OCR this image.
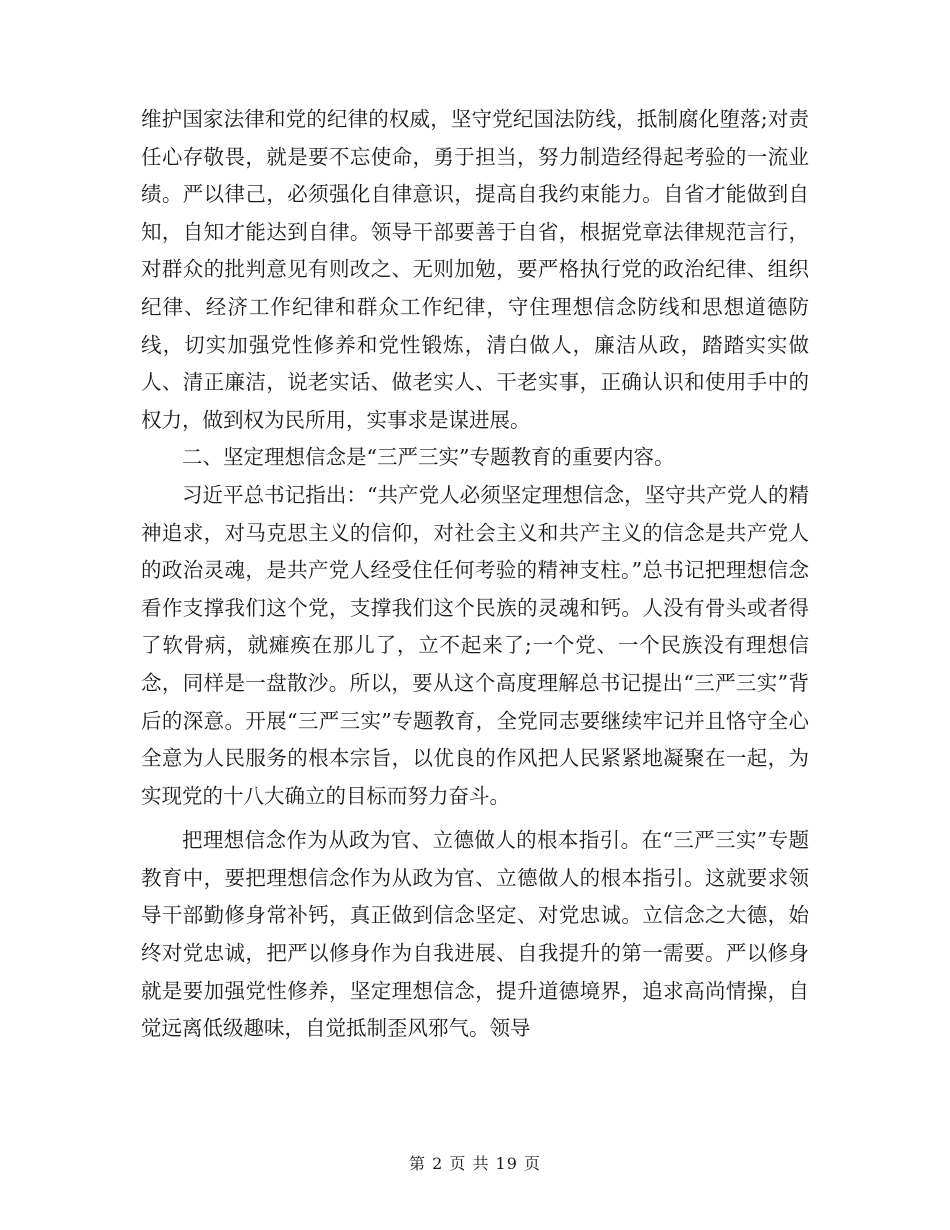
维护国家法律和党的纪律的权威，坚守党纪国法防线，抵制腐化堕落;对责任心存敬畏，就是要不忘使命，勇于担当，努力制造经得起考验的一流业绩。严以律己，必须强化自律意识，提高自我约束能力。自省才能做到自知，自知才能达到自律。领导干部要善于自省，根据党章法律规范言行，对群众的批判意见有则改之、无则加勉，要严格执行党的政治纪律、组织纪律、经济工作纪律和群众工作纪律，守住理想信念防线和思想道德防线，切实加强党性修养和党性锻炼，清白做人，廉洁从政，踏踏实实做人、清正廉洁，说老实话、做老实人、干老实事，正确认识和使用手中的权力，做到权为民所用，实事求是谋进展。

二、坚定理想信念是“三严三实”专题教育的重要内容。

习近平总书记指出：“共产党人必须坚定理想信念，坚守共产党人的精神追求，对马克思主义的信仰，对社会主义和共产主义的信念是共产党人的政治灵魂，是共产党人经受住任何考验的精神支柱。”总书记把理想信念看作支撑我们这个党，支撑我们这个民族的灵魂和钙。人没有骨头或者得了软骨病，就瘫痪在那儿了，立不起来了;一个党、一个民族没有理想信念，同样是一盘散沙。所以，要从这个高度理解总书记提出“三严三实”背后的深意。开展“三严三实”专题教育，全党同志要继续牢记并且恪守全心全意为人民服务的根本宗旨，以优良的作风把人民紧紧地凝聚在一起，为实现党的十八大确立的目标而努力奋斗。

把理想信念作为从政为官、立德做人的根本指引。在“三严三实”专题教育中，要把理想信念作为从政为官、立德做人的根本指引。这就要求领导干部勤修身常补钙，真正做到信念坚定、对党忠诚。立信念之大德，始终对党忠诚，把严以修身作为自我进展、自我提升的第一需要。严以修身就是要加强党性修养，坚定理想信念，提升道德境界，追求高尚情操，自觉远离低级趣味，自觉抵制歪风邪气。领导

第 2 页 共 19 页
